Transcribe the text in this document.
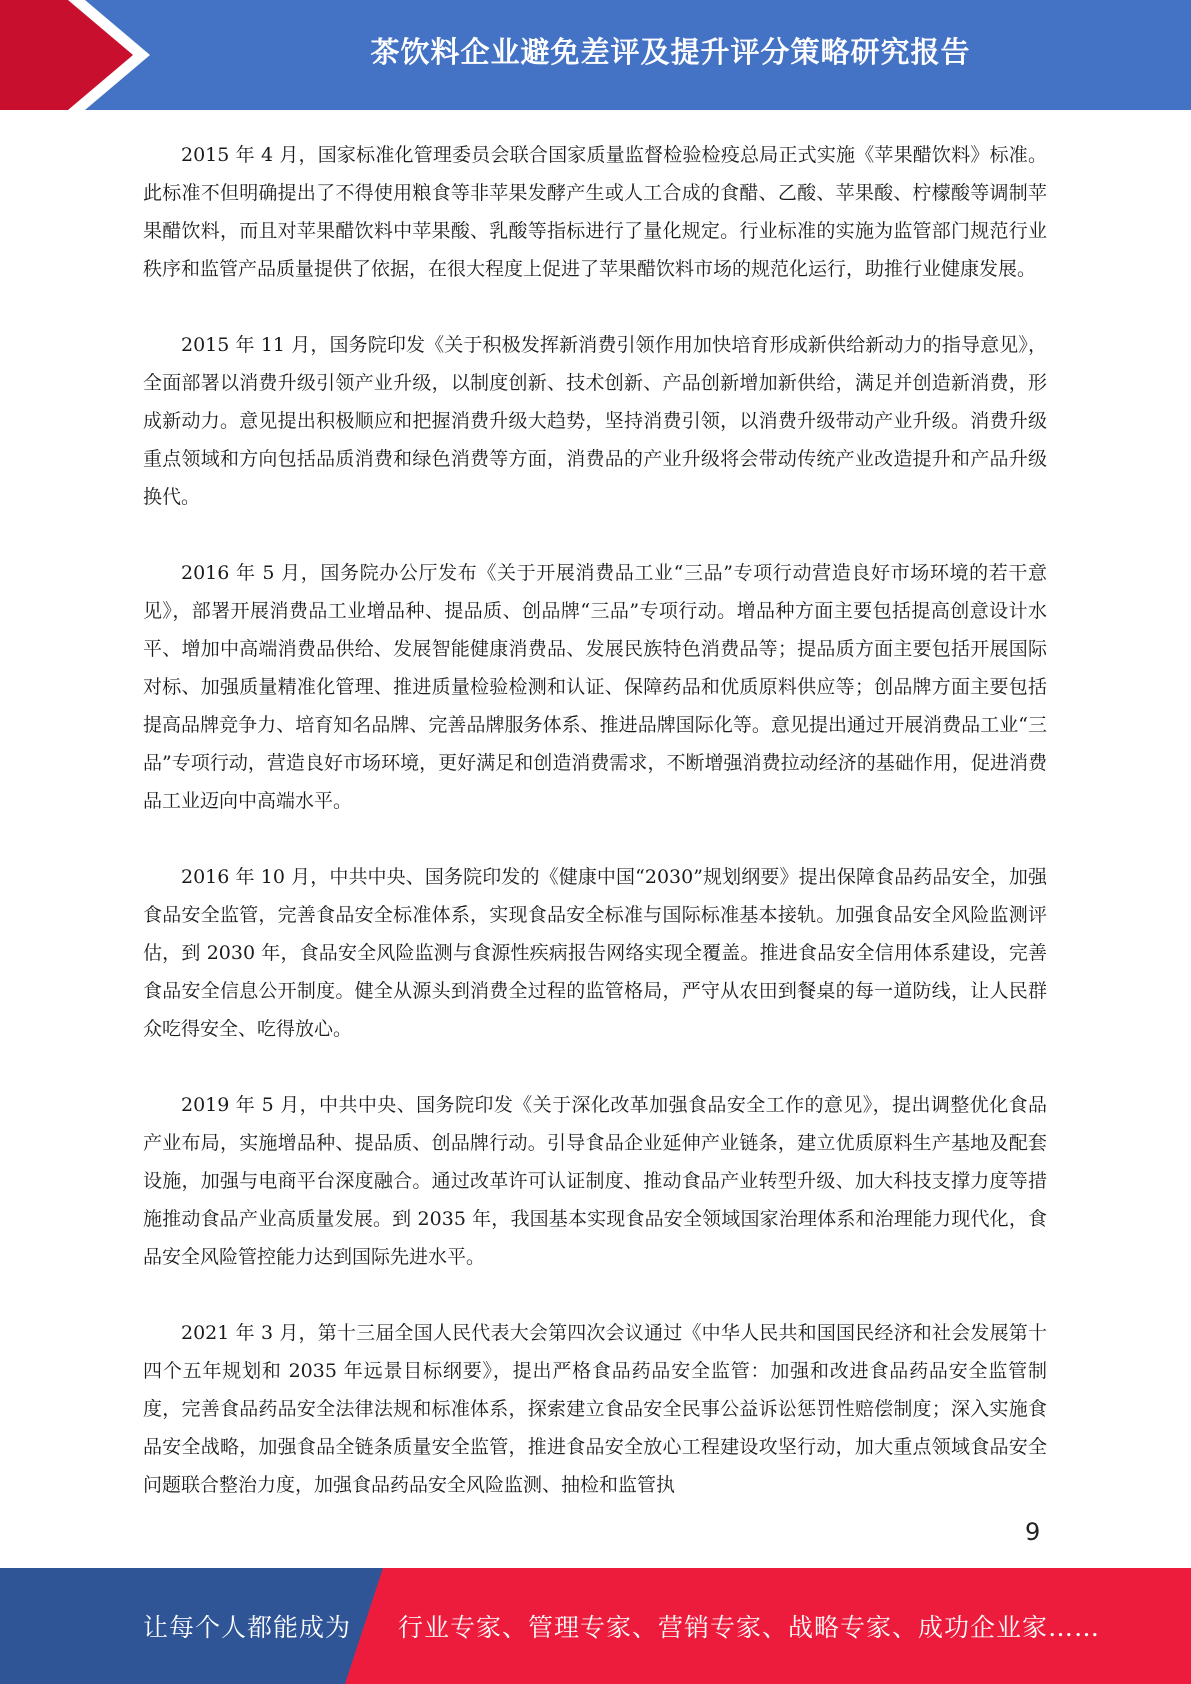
茶饮料企业避免差评及提升评分策略研究报告

2015 年 4 月，国家标准化管理委员会联合国家质量监督检验检疫总局正式实施《苹果醋饮料》标准。此标准不但明确提出了不得使用粮食等非苹果发酵产生或人工合成的食醋、乙酸、苹果酸、柠檬酸等调制苹果醋饮料，而且对苹果醋饮料中苹果酸、乳酸等指标进行了量化规定。行业标准的实施为监管部门规范行业秩序和监管产品质量提供了依据，在很大程度上促进了苹果醋饮料市场的规范化运行，助推行业健康发展。

2015 年 11 月，国务院印发《关于积极发挥新消费引领作用加快培育形成新供给新动力的指导意见》，全面部署以消费升级引领产业升级，以制度创新、技术创新、产品创新增加新供给，满足并创造新消费，形成新动力。意见提出积极顺应和把握消费升级大趋势，坚持消费引领，以消费升级带动产业升级。消费升级重点领域和方向包括品质消费和绿色消费等方面，消费品的产业升级将会带动传统产业改造提升和产品升级换代。

2016 年 5 月，国务院办公厅发布《关于开展消费品工业“三品”专项行动营造良好市场环境的若干意见》，部署开展消费品工业增品种、提品质、创品牌“三品”专项行动。增品种方面主要包括提高创意设计水平、增加中高端消费品供给、发展智能健康消费品、发展民族特色消费品等；提品质方面主要包括开展国际对标、加强质量精准化管理、推进质量检验检测和认证、保障药品和优质原料供应等；创品牌方面主要包括提高品牌竞争力、培育知名品牌、完善品牌服务体系、推进品牌国际化等。意见提出通过开展消费品工业“三品”专项行动，营造良好市场环境，更好满足和创造消费需求，不断增强消费拉动经济的基础作用，促进消费品工业迈向中高端水平。

2016 年 10 月，中共中央、国务院印发的《健康中国“2030”规划纲要》提出保障食品药品安全，加强食品安全监管，完善食品安全标准体系，实现食品安全标准与国际标准基本接轨。加强食品安全风险监测评估，到 2030 年，食品安全风险监测与食源性疾病报告网络实现全覆盖。推进食品安全信用体系建设，完善食品安全信息公开制度。健全从源头到消费全过程的监管格局，严守从农田到餐桌的每一道防线，让人民群众吃得安全、吃得放心。

2019 年 5 月，中共中央、国务院印发《关于深化改革加强食品安全工作的意见》，提出调整优化食品产业布局，实施增品种、提品质、创品牌行动。引导食品企业延伸产业链条，建立优质原料生产基地及配套设施，加强与电商平台深度融合。通过改革许可认证制度、推动食品产业转型升级、加大科技支撑力度等措施推动食品产业高质量发展。到 2035 年，我国基本实现食品安全领域国家治理体系和治理能力现代化，食品安全风险管控能力达到国际先进水平。

2021 年 3 月，第十三届全国人民代表大会第四次会议通过《中华人民共和国国民经济和社会发展第十四个五年规划和 2035 年远景目标纲要》，提出严格食品药品安全监管：加强和改进食品药品安全监管制度，完善食品药品安全法律法规和标准体系，探索建立食品安全民事公益诉讼惩罚性赔偿制度；深入实施食品安全战略，加强食品全链条质量安全监管，推进食品安全放心工程建设攻坚行动，加大重点领域食品安全问题联合整治力度，加强食品药品安全风险监测、抽检和监管执

9
让每个人都能成为 行业专家、管理专家、营销专家、战略专家、成功企业家……
